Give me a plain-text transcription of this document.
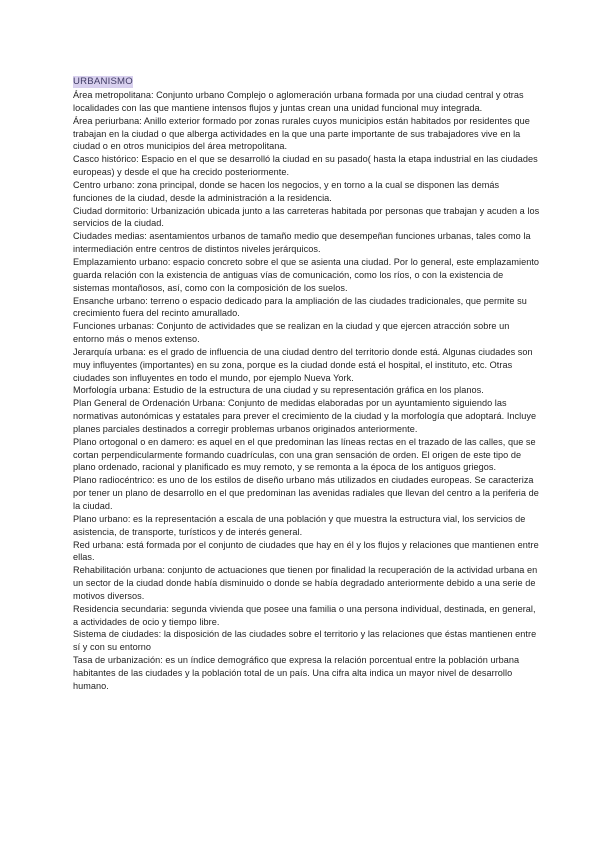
URBANISMO

Área metropolitana: Conjunto urbano Complejo o aglomeración urbana formada por una ciudad central y otras localidades con las que mantiene intensos flujos y juntas crean una unidad funcional muy integrada.

Área periurbana: Anillo exterior formado por zonas rurales cuyos municipios están habitados por residentes que trabajan en la ciudad o que alberga actividades en la que una parte importante de sus trabajadores vive en la ciudad o en otros municipios del área metropolitana.

Casco histórico: Espacio en el que se desarrolló la ciudad en su pasado( hasta la etapa industrial en las ciudades europeas) y desde el que ha crecido posteriormente.

Centro urbano: zona principal, donde se hacen los negocios, y en torno a la cual se disponen las demás funciones de la ciudad, desde la administración a la residencia.

Ciudad dormitorio: Urbanización ubicada junto a las carreteras habitada por personas que trabajan y acuden a los servicios de la ciudad.

Ciudades medias: asentamientos urbanos de tamaño medio que desempeñan funciones urbanas, tales como la intermediación entre centros de distintos niveles jerárquicos.

Emplazamiento urbano: espacio concreto sobre el que se asienta una ciudad. Por lo general, este emplazamiento guarda relación con la existencia de antiguas vías de comunicación, como los ríos, o con la existencia de sistemas montañosos, así, como con la composición de los suelos.

Ensanche urbano: terreno o espacio dedicado para la ampliación de las ciudades tradicionales, que permite su crecimiento fuera del recinto amurallado.

Funciones urbanas: Conjunto de actividades que se realizan en la ciudad y que ejercen atracción sobre un entorno más o menos extenso.

Jerarquía urbana: es el grado de influencia de una ciudad dentro del territorio donde está. Algunas ciudades son muy influyentes (importantes) en su zona, porque es la ciudad donde está el hospital, el instituto, etc. Otras ciudades son influyentes en todo el mundo, por ejemplo Nueva York.

Morfología urbana: Estudio de la estructura de una ciudad y su representación gráfica en los planos.

Plan General de Ordenación Urbana: Conjunto de medidas elaboradas por un ayuntamiento siguiendo las normativas autonómicas y estatales para prever el crecimiento de la ciudad y la morfología que adoptará. Incluye planes parciales destinados a corregir problemas urbanos originados anteriormente.

Plano ortogonal o en damero: es aquel en el que predominan las líneas rectas en el trazado de las calles, que se cortan perpendicularmente formando cuadrículas, con una gran sensación de orden. El origen de este tipo de plano ordenado, racional y planificado es muy remoto, y se remonta a la época de los antiguos griegos.

Plano radiocéntrico: es uno de los estilos de diseño urbano más utilizados en ciudades europeas. Se caracteriza por tener un plano de desarrollo en el que predominan las avenidas radiales que llevan del centro a la periferia de la ciudad.

Plano urbano: es la representación a escala de una población y que muestra la estructura vial, los servicios de asistencia, de transporte, turísticos y de interés general.

Red urbana: está formada por el conjunto de ciudades que hay en él y los flujos y relaciones que mantienen entre ellas.

Rehabilitación urbana: conjunto de actuaciones que tienen por finalidad la recuperación de la actividad urbana en un sector de la ciudad donde había disminuido o donde se había degradado anteriormente debido a una serie de motivos diversos.

Residencia secundaria: segunda vivienda que posee una familia o una persona individual, destinada, en general, a actividades de ocio y tiempo libre.

Sistema de ciudades: la disposición de las ciudades sobre el territorio y las relaciones que éstas mantienen entre sí y con su entorno

Tasa de urbanización: es un índice demográfico que expresa la relación porcentual entre la población urbana habitantes de las ciudades y la población total de un país. Una cifra alta indica un mayor nivel de desarrollo humano.
